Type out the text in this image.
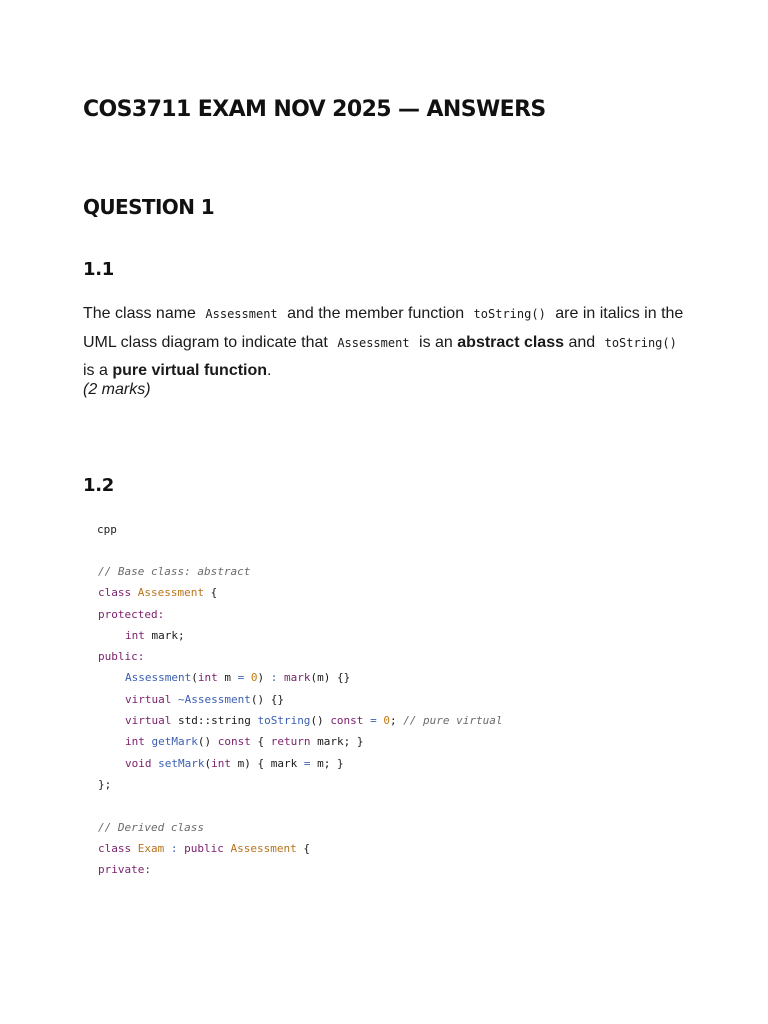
COS3711 EXAM NOV 2025 — ANSWERS
QUESTION 1
1.1

The class name Assessment and the member function toString() are in italics in the UML class diagram to indicate that Assessment is an abstract class and toString()
is a pure virtual function.

(2 marks)
1.2
cpp
// Base class: abstract
class Assessment {
protected:
int mark;
public:
Assessment(int m = 0) : mark(m) {}
virtual ~Assessment() {}
virtual std::string toString() const = 0; // pure virtual
int getMark() const { return mark; }
void setMark(int m) { mark = m; }
};
// Derived class
class Exam : public Assessment {
private:
